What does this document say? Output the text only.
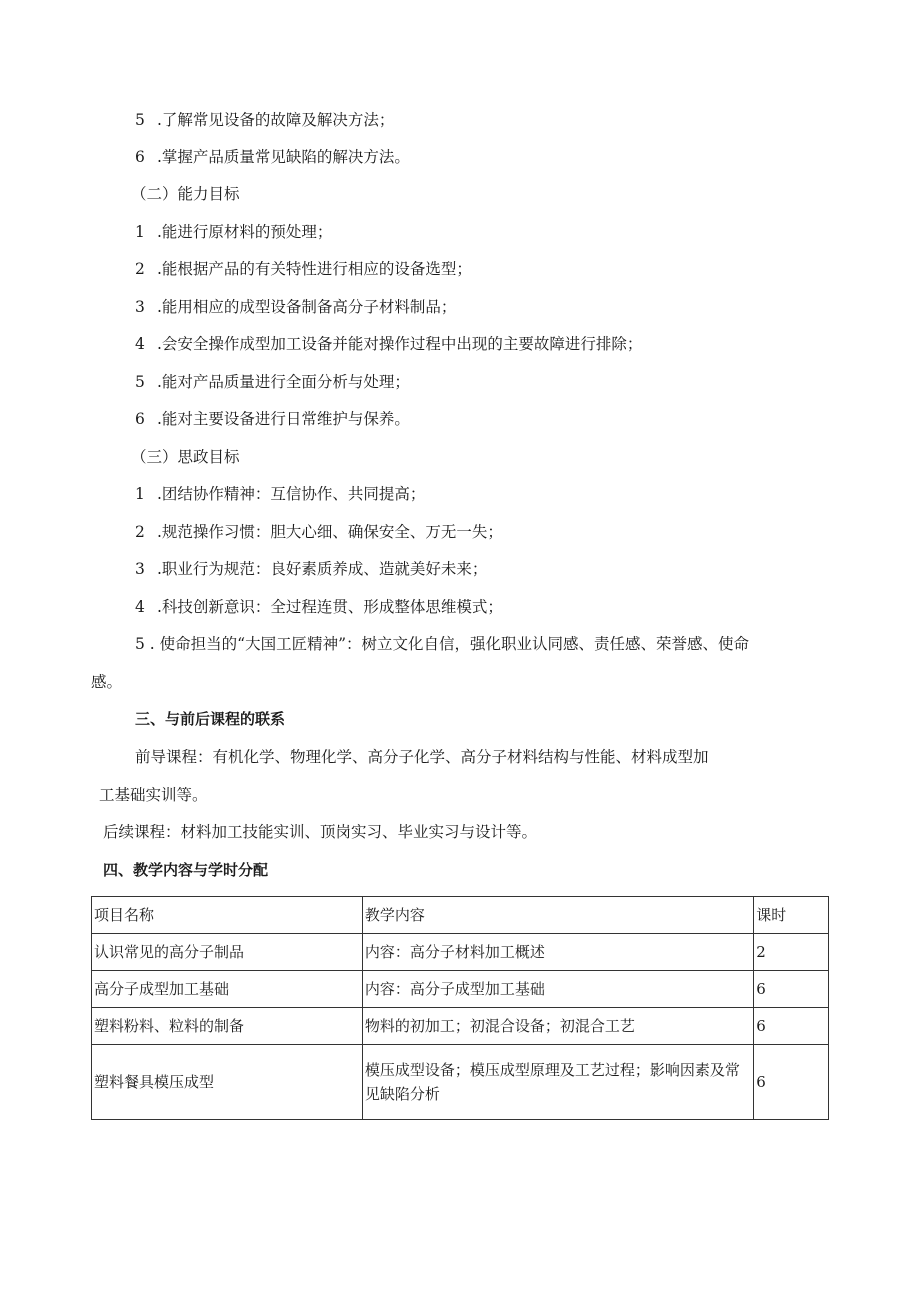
5 .了解常见设备的故障及解决方法；
6 .掌握产品质量常见缺陷的解决方法。
（二）能力目标
1 .能进行原材料的预处理；
2 .能根据产品的有关特性进行相应的设备选型；
3 .能用相应的成型设备制备高分子材料制品；
4 .会安全操作成型加工设备并能对操作过程中出现的主要故障进行排除；
5 .能对产品质量进行全面分析与处理；
6 .能对主要设备进行日常维护与保养。
（三）思政目标
1 .团结协作精神：互信协作、共同提高；
2 .规范操作习惯：胆大心细、确保安全、万无一失；
3 .职业行为规范：良好素质养成、造就美好未来；
4 .科技创新意识：全过程连贯、形成整体思维模式；
5 . 使命担当的“大国工匠精神”：树立文化自信，强化职业认同感、责任感、荣誉感、使命
感。
三、与前后课程的联系
前导课程：有机化学、物理化学、高分子化学、高分子材料结构与性能、材料成型加
工基础实训等。
后续课程：材料加工技能实训、顶岗实习、毕业实习与设计等。
四、教学内容与学时分配
项目名称	教学内容	课时
认识常见的高分子制品	内容：高分子材料加工概述	2
高分子成型加工基础	内容：高分子成型加工基础	6
塑料粉料、粒料的制备	物料的初加工；初混合设备；初混合工艺	6
塑料餐具模压成型	模压成型设备；模压成型原理及工艺过程；影响因素及常见缺陷分析	6
